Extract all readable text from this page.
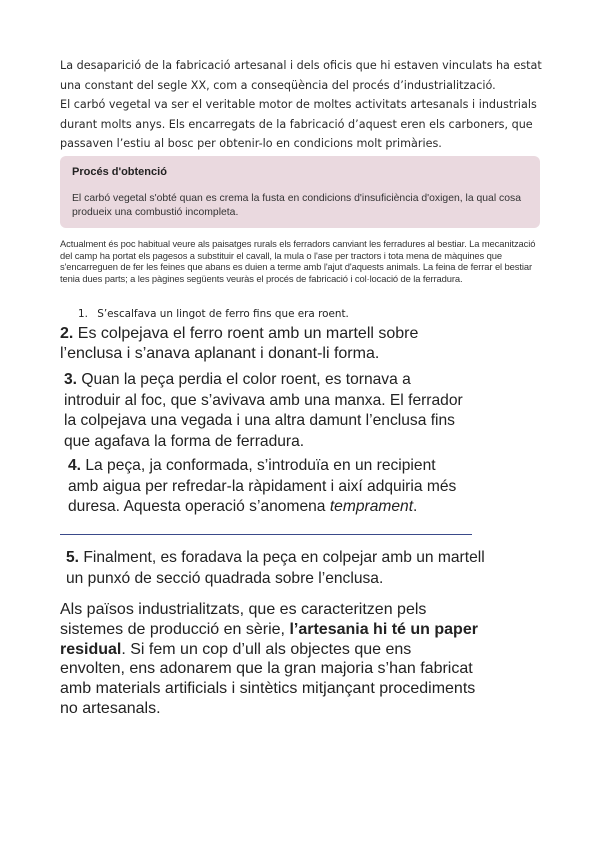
La desaparició de la fabricació artesanal i dels oficis que hi estaven vinculats ha estat una constant del segle XX, com a conseqüència del procés d’industrialització.

El carbó vegetal va ser el veritable motor de moltes activitats artesanals i industrials durant molts anys. Els encarregats de la fabricació d’aquest eren els carboners, que passaven l’estiu al bosc per obtenir-lo en condicions molt primàries.

Procés d'obtenció
El carbó vegetal s'obté quan es crema la fusta en condicions d'insuficiència d'oxigen, la qual cosa produeix una combustió incompleta.
Actualment és poc habitual veure als paisatges rurals els ferradors canviant les ferradures al bestiar. La mecanització del camp ha portat els pagesos a substituir el cavall, la mula o l'ase per tractors i tota mena de màquines que s'encarreguen de fer les feines que abans es duien a terme amb l'ajut d'aquests animals. La feina de ferrar el bestiar tenia dues parts; a les pàgines següents veuràs el procés de fabricació i col·locació de la ferradura.
1. S’escalfava un lingot de ferro fins que era roent.
2. Es colpejava el ferro roent amb un martell sobre l’enclusa i s’anava aplanant i donant-li forma.
3. Quan la peça perdia el color roent, es tornava a introduir al foc, que s’avivava amb una manxa. El ferrador la colpejava una vegada i una altra damunt l’enclusa fins que agafava la forma de ferradura.
4. La peça, ja conformada, s’introduïa en un recipient amb aigua per refredar-la ràpidament i així adquiria més duresa. Aquesta operació s’anomena temprament.
5. Finalment, es foradava la peça en colpejar amb un martell un punxó de secció quadrada sobre l’enclusa.
Als països industrialitzats, que es caracteritzen pels sistemes de producció en sèrie, l’artesania hi té un paper residual. Si fem un cop d’ull als objectes que ens envolten, ens adonarem que la gran majoria s’han fabricat amb materials artificials i sintètics mitjançant procediments no artesanals.
